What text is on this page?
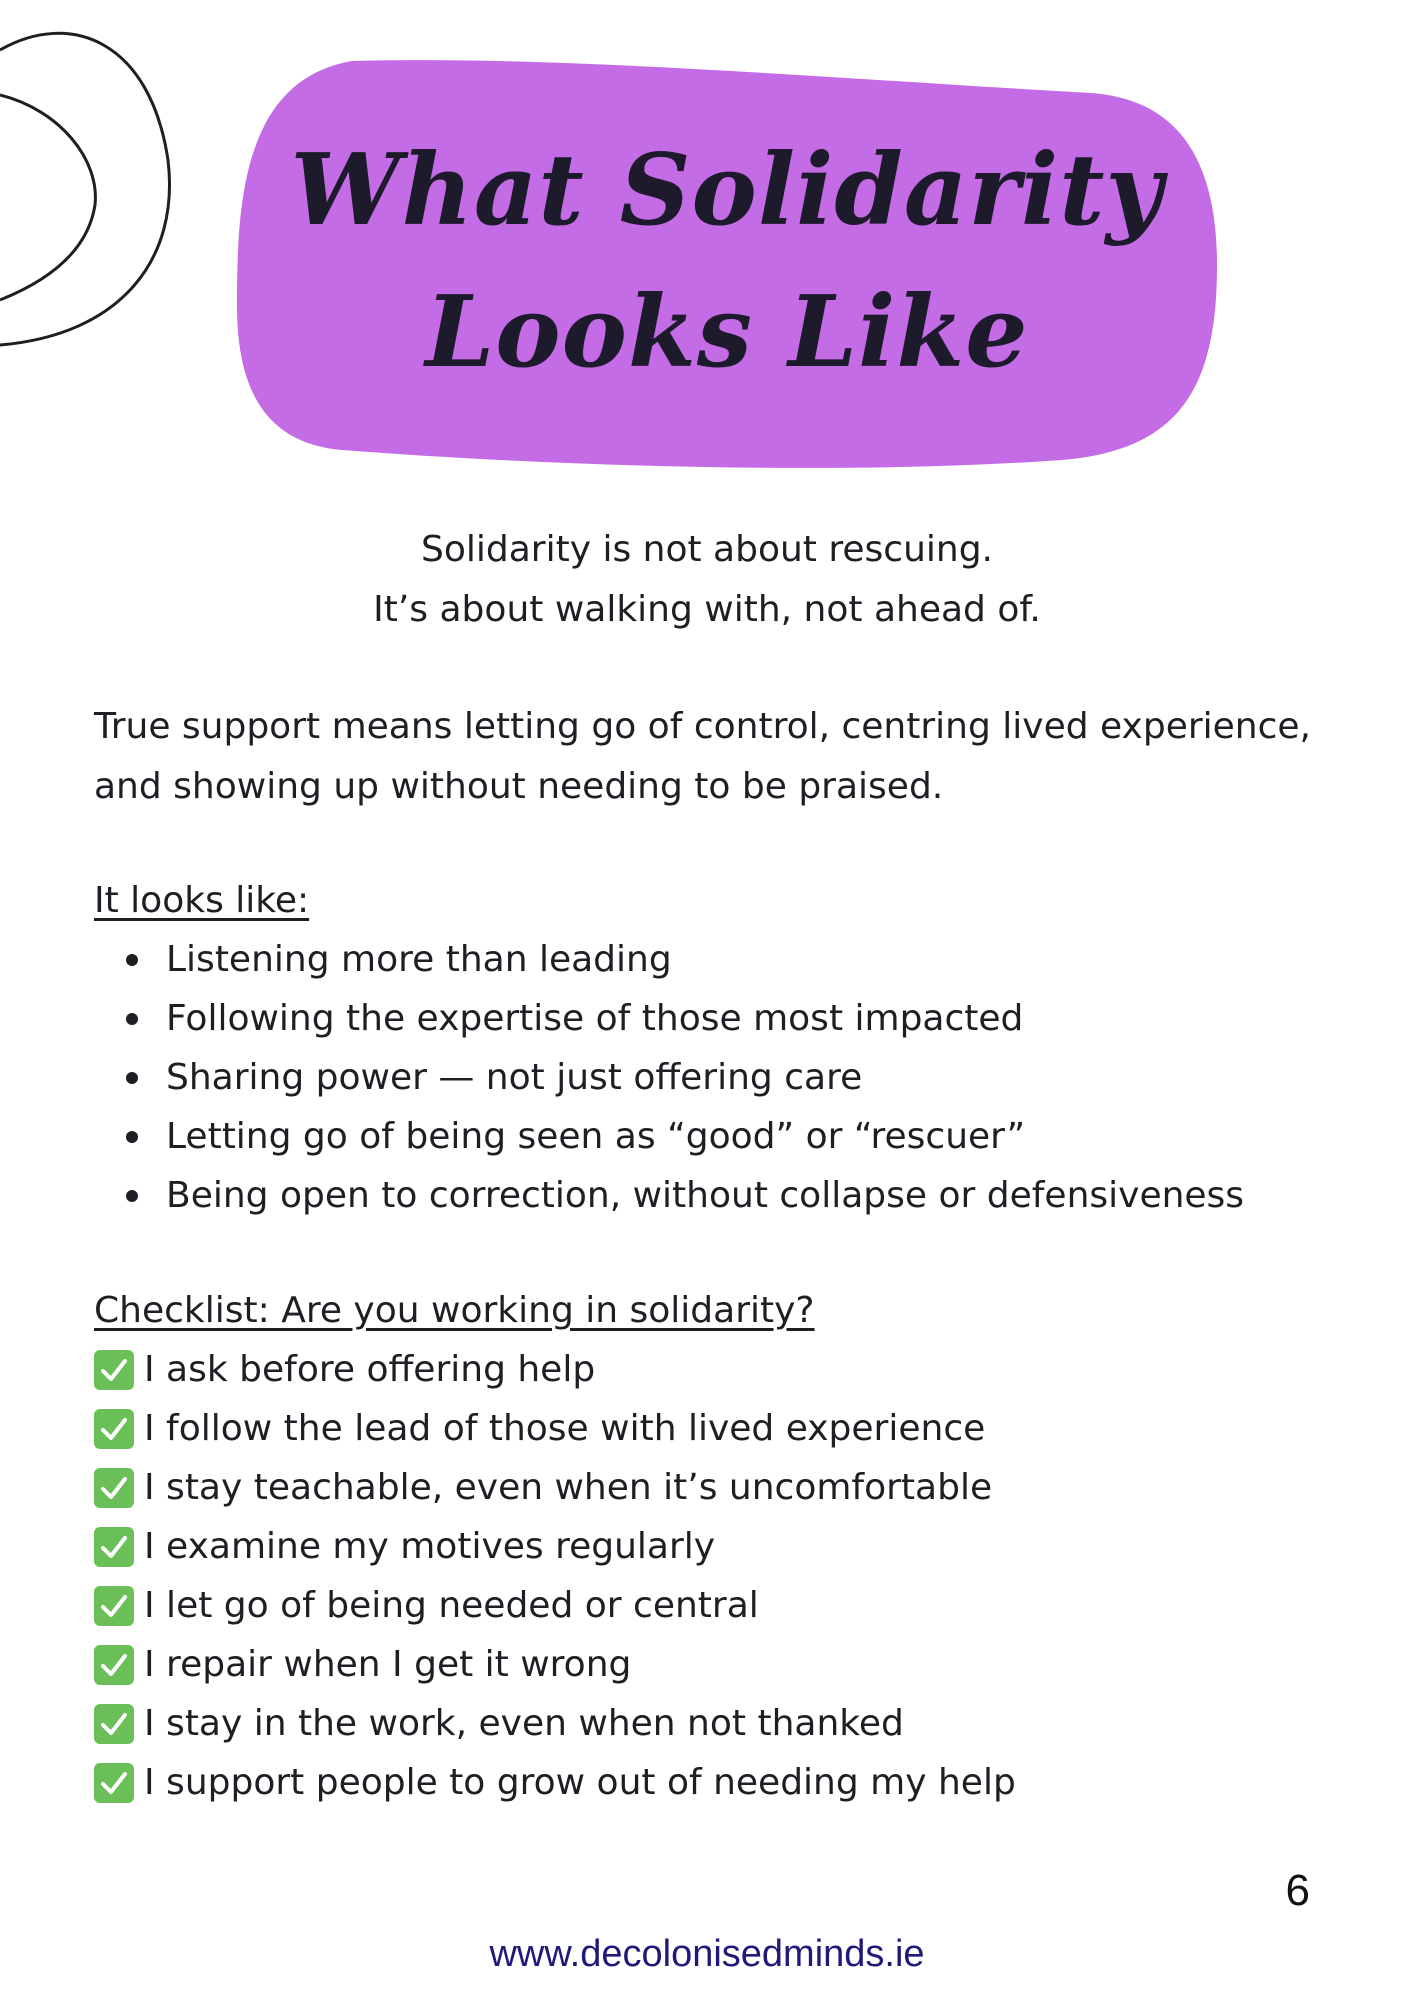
What Solidarity
Looks Like
Solidarity is not about rescuing.
It’s about walking with, not ahead of.

True support means letting go of control, centring lived experience, and showing up without needing to be praised.

It looks like:

Listening more than leading
Following the expertise of those most impacted
Sharing power — not just offering care
Letting go of being seen as “good” or “rescuer”
Being open to correction, without collapse or defensiveness

Checklist: Are you working in solidarity?

I ask before offering help
I follow the lead of those with lived experience
I stay teachable, even when it’s uncomfortable
I examine my motives regularly
I let go of being needed or central
I repair when I get it wrong
I stay in the work, even when not thanked
I support people to grow out of needing my help
6
www.decolonisedminds.ie
